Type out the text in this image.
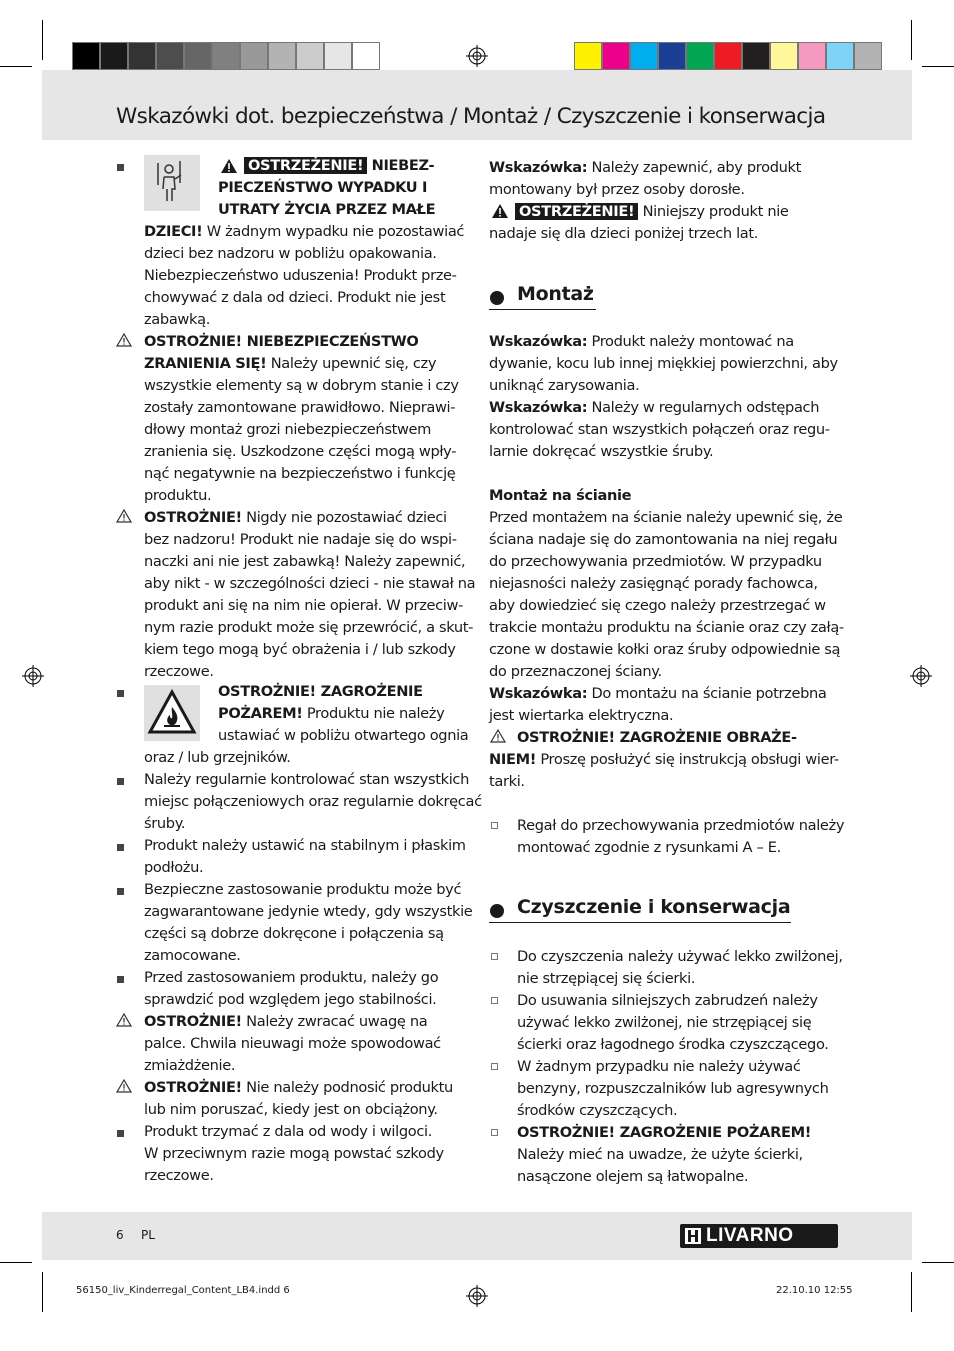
Wskazówki dot. bezpieczeństwa / Montaż / Czyszczenie i konserwacja
OSTRZEŻENIE! NIEBEZ-
PIECZEŃSTWO WYPADKU I
UTRATY ŻYCIA PRZEZ MAŁE
DZIECI! W żadnym wypadku nie pozostawiać
dzieci bez nadzoru w pobliżu opakowania.
Niebezpieczeństwo uduszenia! Produkt prze-
chowywać z dala od dzieci. Produkt nie jest
zabawką.
OSTROŻNIE! NIEBEZPIECZEŃSTWO
ZRANIENIA SIĘ! Należy upewnić się, czy
wszystkie elementy są w dobrym stanie i czy
zostały zamontowane prawidłowo. Nieprawi-
dłowy montaż grozi niebezpieczeństwem
zranienia się. Uszkodzone części mogą wpły-
nąć negatywnie na bezpieczeństwo i funkcję
produktu.
OSTROŻNIE! Nigdy nie pozostawiać dzieci
bez nadzoru! Produkt nie nadaje się do wspi-
naczki ani nie jest zabawką! Należy zapewnić,
aby nikt - w szczególności dzieci - nie stawał na
produkt ani się na nim nie opierał. W przeciw-
nym razie produkt może się przewrócić, a skut-
kiem tego mogą być obrażenia i / lub szkody
rzeczowe.
OSTROŻNIE! ZAGROŻENIE
POŻAREM! Produktu nie należy
ustawiać w pobliżu otwartego ognia
oraz / lub grzejników.
Należy regularnie kontrolować stan wszystkich
miejsc połączeniowych oraz regularnie dokręcać
śruby.
Produkt należy ustawić na stabilnym i płaskim
podłożu.
Bezpieczne zastosowanie produktu może być
zagwarantowane jedynie wtedy, gdy wszystkie
części są dobrze dokręcone i połączenia są
zamocowane.
Przed zastosowaniem produktu, należy go
sprawdzić pod względem jego stabilności.
OSTROŻNIE! Należy zwracać uwagę na
palce. Chwila nieuwagi może spowodować
zmiażdżenie.
OSTROŻNIE! Nie należy podnosić produktu
lub nim poruszać, kiedy jest on obciążony.
Produkt trzymać z dala od wody i wilgoci.
W przeciwnym razie mogą powstać szkody
rzeczowe.
Wskazówka: Należy zapewnić, aby produkt
montowany był przez osoby dorosłe.
OSTRZEŻENIE! Niniejszy produkt nie
nadaje się dla dzieci poniżej trzech lat.
Montaż
Wskazówka: Produkt należy montować na
dywanie, kocu lub innej miękkiej powierzchni, aby
uniknąć zarysowania.
Wskazówka: Należy w regularnych odstępach
kontrolować stan wszystkich połączeń oraz regu-
larnie dokręcać wszystkie śruby.
Montaż na ścianie
Przed montażem na ścianie należy upewnić się, że
ściana nadaje się do zamontowania na niej regału
do przechowywania przedmiotów. W przypadku
niejasności należy zasięgnąć porady fachowca,
aby dowiedzieć się czego należy przestrzegać w
trakcie montażu produktu na ścianie oraz czy załą-
czone w dostawie kołki oraz śruby odpowiednie są
do przeznaczonej ściany.
Wskazówka: Do montażu na ścianie potrzebna
jest wiertarka elektryczna.
OSTROŻNIE! ZAGROŻENIE OBRAŻE-
NIEM! Proszę posłużyć się instrukcją obsługi wier-
tarki.
Regał do przechowywania przedmiotów należy
montować zgodnie z rysunkami A – E.
Czyszczenie i konserwacja
Do czyszczenia należy używać lekko zwilżonej,
nie strzępiącej się ścierki.
Do usuwania silniejszych zabrudzeń należy
używać lekko zwilżonej, nie strzępiącej się
ścierki oraz łagodnego środka czyszczącego.
W żadnym przypadku nie należy używać
benzyny, rozpuszczalników lub agresywnych
środków czyszczących.
OSTROŻNIE! ZAGROŻENIE POŻAREM!
Należy mieć na uwadze, że użyte ścierki,
nasączone olejem są łatwopalne.
6 PL	LIVARNO
56150_liv_Kinderregal_Content_LB4.indd 6	22.10.10 12:55
